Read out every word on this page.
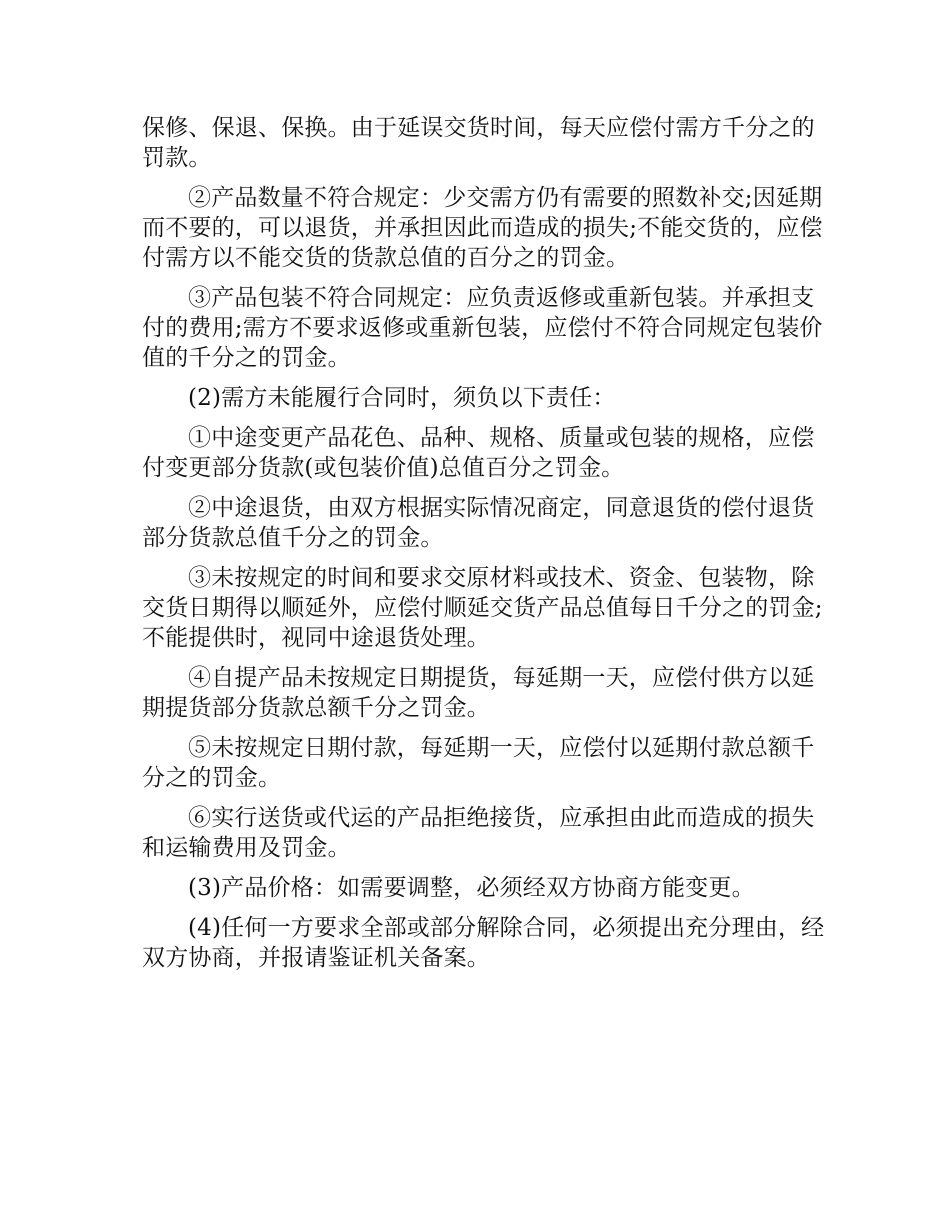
保修、保退、保换。由于延误交货时间，每天应偿付需方千分之的罚款。

②产品数量不符合规定：少交需方仍有需要的照数补交;因延期而不要的，可以退货，并承担因此而造成的损失;不能交货的，应偿付需方以不能交货的货款总值的百分之的罚金。

③产品包装不符合同规定：应负责返修或重新包装。并承担支付的费用;需方不要求返修或重新包装，应偿付不符合同规定包装价值的千分之的罚金。

(2)需方未能履行合同时，须负以下责任：

①中途变更产品花色、品种、规格、质量或包装的规格，应偿付变更部分货款(或包装价值)总值百分之罚金。

②中途退货，由双方根据实际情况商定，同意退货的偿付退货部分货款总值千分之的罚金。

③未按规定的时间和要求交原材料或技术、资金、包装物，除交货日期得以顺延外，应偿付顺延交货产品总值每日千分之的罚金;不能提供时，视同中途退货处理。

④自提产品未按规定日期提货，每延期一天，应偿付供方以延期提货部分货款总额千分之罚金。

⑤未按规定日期付款，每延期一天，应偿付以延期付款总额千分之的罚金。

⑥实行送货或代运的产品拒绝接货，应承担由此而造成的损失和运输费用及罚金。

(3)产品价格：如需要调整，必须经双方协商方能变更。

(4)任何一方要求全部或部分解除合同，必须提出充分理由，经双方协商，并报请鉴证机关备案。
